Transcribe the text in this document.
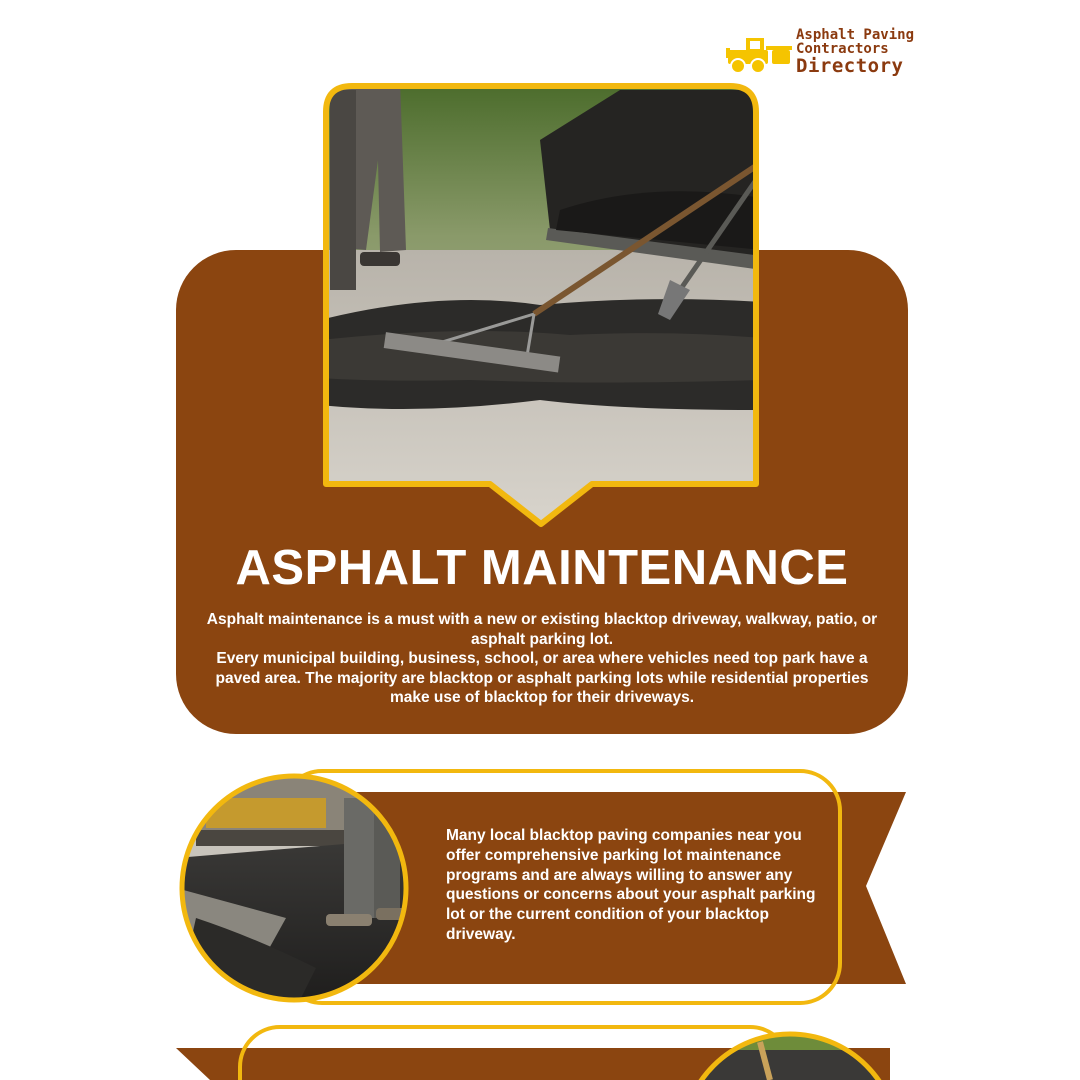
Asphalt Paving
Contractors
Directory
ASPHALT MAINTENANCE

Asphalt maintenance is a must with a new or existing blacktop driveway, walkway, patio, or asphalt parking lot.

Every municipal building, business, school, or area where vehicles need top park have a paved area. The majority are blacktop or asphalt parking lots while residential properties make use of blacktop for their driveways.

Many local blacktop paving companies near you offer comprehensive parking lot maintenance programs and are always willing to answer any questions or concerns about your asphalt parking lot or the current condition of your blacktop driveway.
